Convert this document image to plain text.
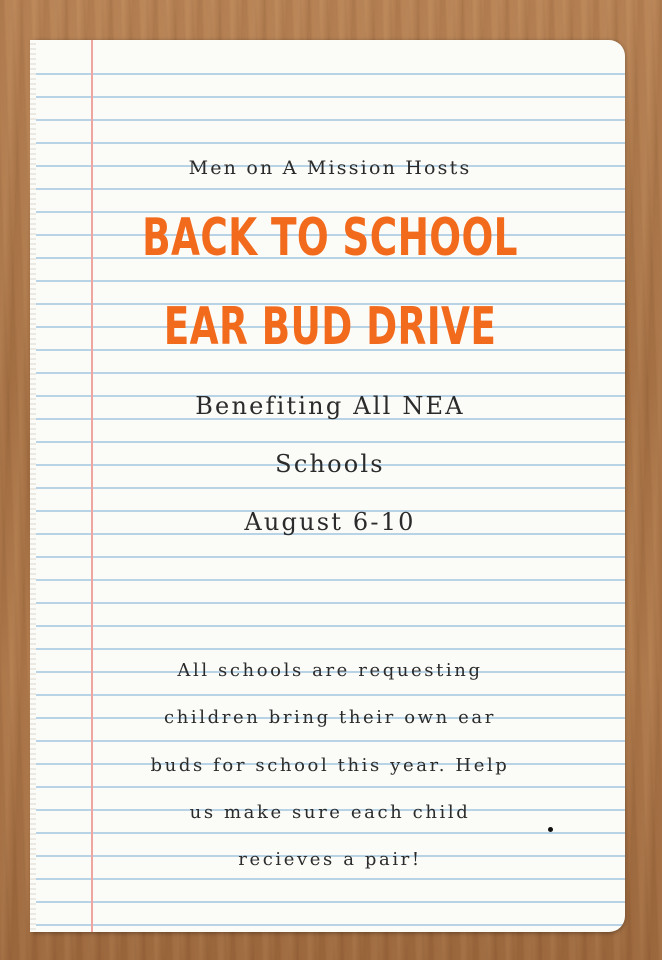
Men on A Mission Hosts
BACK TO SCHOOL
EAR BUD DRIVE
Benefiting All NEA
Schools
August 6-10
All schools are requesting
children bring their own ear
buds for school this year. Help
us make sure each child
recieves a pair!
